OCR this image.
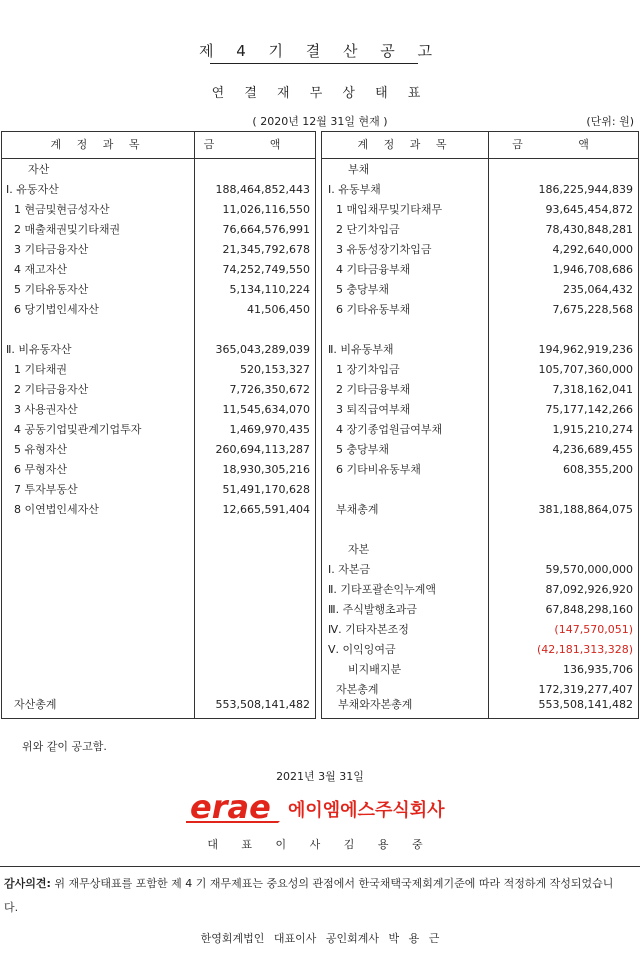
제 4 기 결 산 공 고
연 결 재 무 상 태 표
( 2020년 12월 31일 현재 )	(단위: 원)
계 정 과 목	금 액
자산
Ⅰ. 유동자산	188,464,852,443
1 현금및현금성자산	11,026,116,550
2 매출채권및기타채권	76,664,576,991
3 기타금융자산	21,345,792,678
4 재고자산	74,252,749,550
5 기타유동자산	5,134,110,224
6 당기법인세자산	41,506,450
Ⅱ. 비유동자산	365,043,289,039
1 기타채권	520,153,327
2 기타금융자산	7,726,350,672
3 사용권자산	11,545,634,070
4 공동기업및관계기업투자	1,469,970,435
5 유형자산	260,694,113,287
6 무형자산	18,930,305,216
7 투자부동산	51,491,170,628
8 이연법인세자산	12,665,591,404
자산총계	553,508,141,482
계 정 과 목	금 액
부채
Ⅰ. 유동부채	186,225,944,839
1 매입채무및기타채무	93,645,454,872
2 단기차입금	78,430,848,281
3 유동성장기차입금	4,292,640,000
4 기타금융부채	1,946,708,686
5 충당부채	235,064,432
6 기타유동부채	7,675,228,568
Ⅱ. 비유동부채	194,962,919,236
1 장기차입금	105,707,360,000
2 기타금융부채	7,318,162,041
3 퇴직급여부채	75,177,142,266
4 장기종업원급여부채	1,915,210,274
5 충당부채	4,236,689,455
6 기타비유동부채	608,355,200
부채총계	381,188,864,075
자본
Ⅰ. 자본금	59,570,000,000
Ⅱ. 기타포괄손익누계액	87,092,926,920
Ⅲ. 주식발행초과금	67,848,298,160
Ⅳ. 기타자본조정	(147,570,051)
Ⅴ. 이익잉여금	(42,181,313,328)
비지배지분	136,935,706
자본총계	172,319,277,407
부채와자본총계	553,508,141,482
위와 같이 공고함.
2021년 3월 31일
erae 에이엠에스주식회사
대 표 이 사 김 용 중
감사의견: 위 재무상태표를 포함한 제 4 기 재무제표는 중요성의 관점에서 한국채택국제회계기준에 따라 적정하게 작성되었습니다.
한영회계법인 대표이사 공인회계사 박 용 근
